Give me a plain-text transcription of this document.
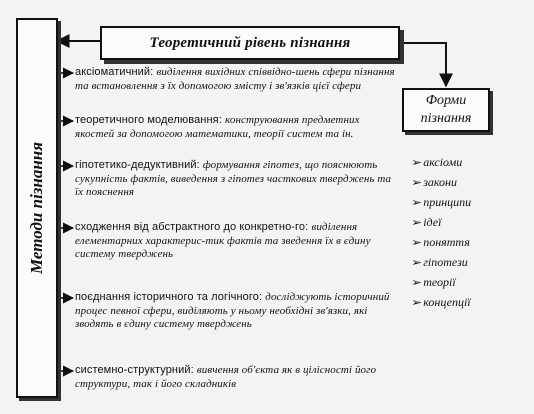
Теоретичний рівень пізнання
Методи пізнання
Форми
пізнання
аксіоматичний: виділення вихідних співвідно-шень сфери пізнання та встановлення з їх допомогою змісту і зв'язків цієї сфери
теоретичного моделювання: конструювання предметних якостей за допомогою математики, теорії систем та ін.
гіпотетико-дедуктивний: формування гіпотез, що пояснюють сукупність фактів, виведення з гіпотез часткових тверджень та їх пояснення
сходження від абстрактного до конкретно-го: виділення елементарних характерис-тик фактів та зведення їх в єдину систему тверджень
поєднання історичного та логічного: досліджують історичний процес певної сфери, виділяють у ньому необхідні зв'язки, які зводять в єдину систему тверджень
системно-структурний: вивчення об'єкта як в цілісності його структури, так і його складників
➢аксіоми
➢закони
➢принципи
➢ідеї
➢поняття
➢гіпотези
➢теорії
➢концепції
